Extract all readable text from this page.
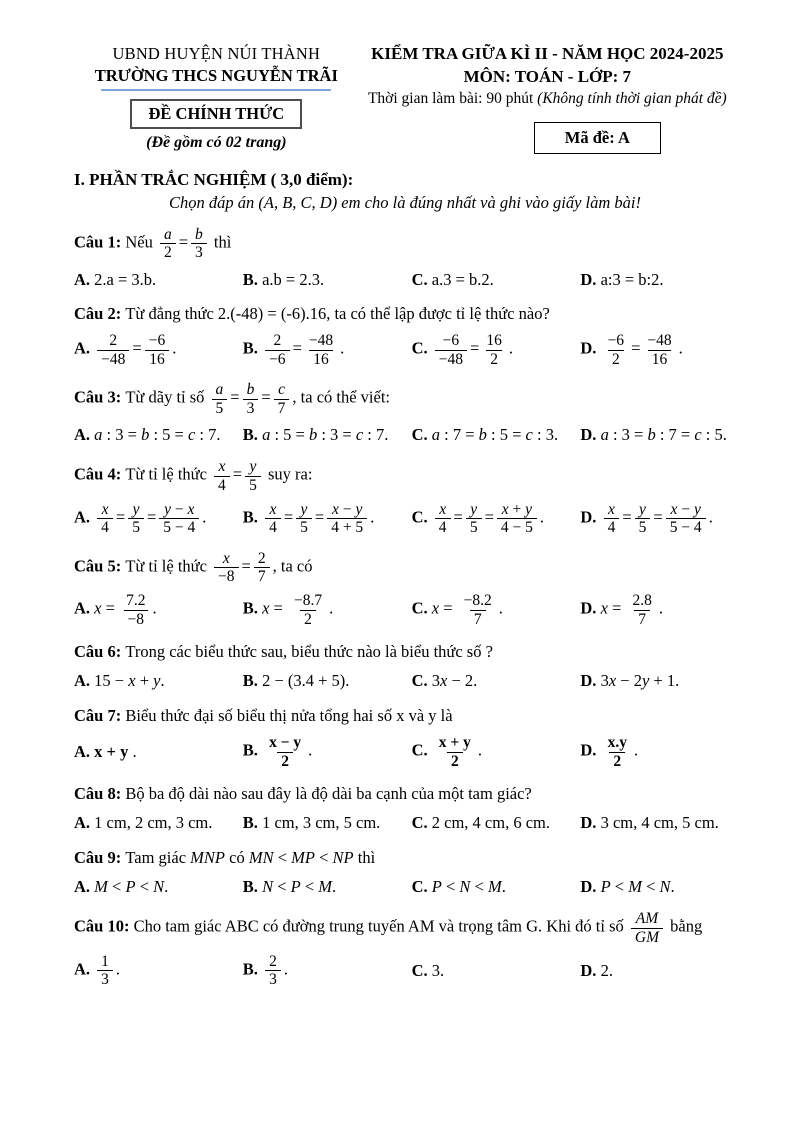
UBND HUYỆN NÚI THÀNH
TRƯỜNG THCS NGUYỄN TRÃI
ĐỀ CHÍNH THỨC
(Đề gồm có 02 trang)
KIỂM TRA GIỮA KÌ II - NĂM HỌC 2024-2025
MÔN: TOÁN - LỚP: 7
Thời gian làm bài: 90 phút (Không tính thời gian phát đề)
Mã đề: A
I. PHẦN TRẮC NGHIỆM ( 3,0 điểm):
Chọn đáp án (A, B, C, D) em cho là đúng nhất và ghi vào giấy làm bài!
Câu 1: Nếu $\frac{a}{2} = \frac{b}{3}$ thì
A. 2.a = 3.b.	B. a.b = 2.3.	C. a.3 = b.2.	D. a:3 = b:2.
Câu 2: Từ đẳng thức 2.(-48) = (-6).16, ta có thể lập được tỉ lệ thức nào?
A. $\frac{2}{-48} = \frac{-6}{16}$ .	B. $\frac{2}{-6} = \frac{-48}{16}$ .	C. $\frac{-6}{-48} = \frac{16}{2}$ .	D. $\frac{-6}{2} = \frac{-48}{16}$ .
Câu 3: Từ dãy tỉ số $\frac{a}{5} = \frac{b}{3} = \frac{c}{7}$ , ta có thể viết:
A. a : 3 = b : 5 = c : 7.	B. a : 5 = b : 3 = c : 7.	C. a : 7 = b : 5 = c : 3.	D. a : 3 = b : 7 = c : 5.
Câu 4: Từ tỉ lệ thức $\frac{x}{4} = \frac{y}{5}$ suy ra:
A. $\frac{x}{4} = \frac{y}{5} = \frac{y - x}{5 - 4}$ .	B. $\frac{x}{4} = \frac{y}{5} = \frac{x - y}{4 + 5}$ .	C. $\frac{x}{4} = \frac{y}{5} = \frac{x + y}{4 - 5}$ .	D. $\frac{x}{4} = \frac{y}{5} = \frac{x - y}{5 - 4}$ .
Câu 5: Từ tỉ lệ thức $\frac{x}{-8} = \frac{2}{7}$ , ta có
A. $x = \frac{7.2}{-8}$ .	B. $x = \frac{-8.7}{2}$ .	C. $x = \frac{-8.2}{7}$ .	D. $x = \frac{2.8}{7}$ .
Câu 6: Trong các biểu thức sau, biểu thức nào là biểu thức số ?
A. 15 − x + y.	B. 2 − (3.4 + 5).	C. 3x − 2.	D. 3x − 2y + 1.
Câu 7: Biểu thức đại số biểu thị nửa tổng hai số x và y là
A. x + y .	B. $\frac{x - y}{2}$ .	C. $\frac{x + y}{2}$ .	D. $\frac{x.y}{2}$ .
Câu 8: Bộ ba độ dài nào sau đây là độ dài ba cạnh của một tam giác?
A. 1 cm, 2 cm, 3 cm.	B. 1 cm, 3 cm, 5 cm.	C. 2 cm, 4 cm, 6 cm.	D. 3 cm, 4 cm, 5 cm.
Câu 9: Tam giác MNP có MN < MP < NP thì
A. M < P < N.	B. N < P < M.	C. P < N < M.	D. P < M < N.
Câu 10: Cho tam giác ABC có đường trung tuyến AM và trọng tâm G. Khi đó tỉ số $\frac{AM}{GM}$ bằng
A. $\frac{1}{3}$ .	B. $\frac{2}{3}$ .	C. 3.	D. 2.
